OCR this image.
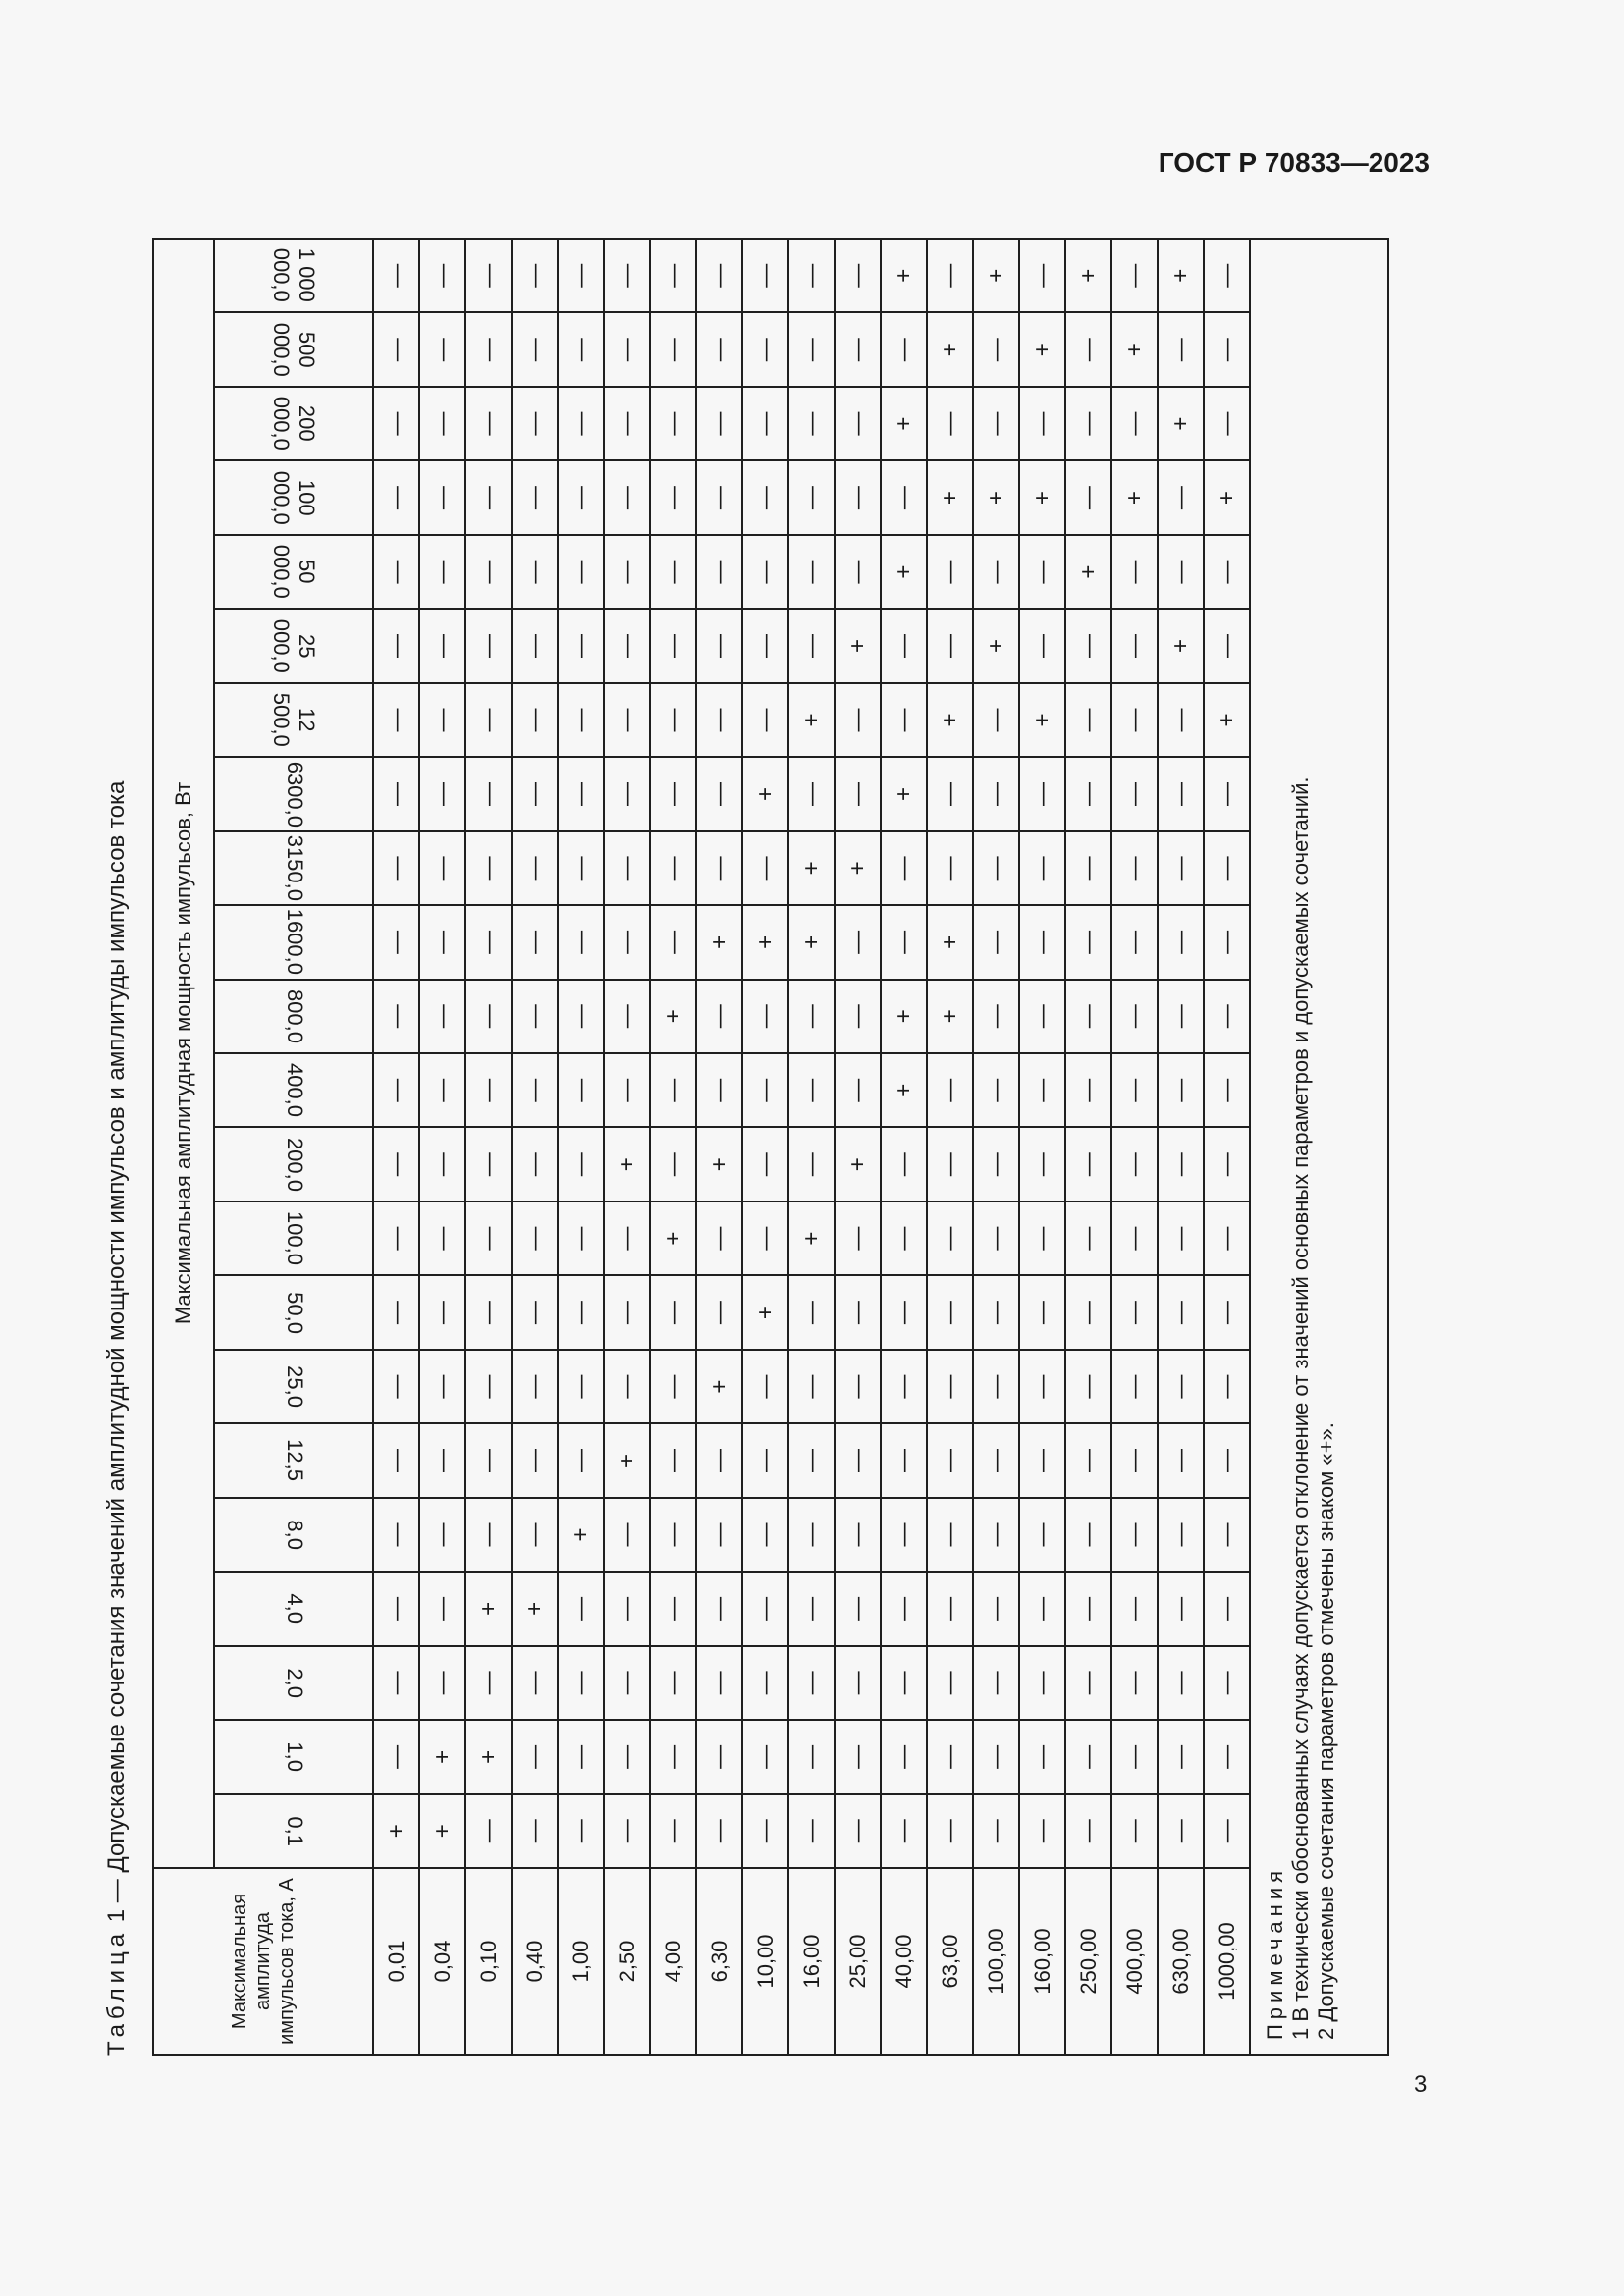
ГОСТ Р 70833—2023
3
Таблица 1 — Допускаемые сочетания значений амплитудной мощности импульсов и амплитуды импульсов тока
Максимальная амплитуда импульсов тока, А	Максимальная амплитудная мощность импульсов, Вт																					
	0,1	1,0	2,0	4,0	8,0	12,5	25,0	50,0	100,0	200,0	400,0	800,0	1600,0	3150,0	6300,0	12 500,0	25 000,0	50 000,0	100 000,0	200 000,0	500 000,0	1 000 000,0
0,01	+	—	—	—	—	—	—	—	—	—	—	—	—	—	—	—	—	—	—	—	—	—
0,04	+	+	—	—	—	—	—	—	—	—	—	—	—	—	—	—	—	—	—	—	—	—
0,10	—	+	—	+	—	—	—	—	—	—	—	—	—	—	—	—	—	—	—	—	—	—
0,40	—	—	—	+	—	—	—	—	—	—	—	—	—	—	—	—	—	—	—	—	—	—
1,00	—	—	—	—	+	—	—	—	—	—	—	—	—	—	—	—	—	—	—	—	—	—
2,50	—	—	—	—	—	+	—	—	—	+	—	—	—	—	—	—	—	—	—	—	—	—
4,00	—	—	—	—	—	—	—	—	+	—	—	+	—	—	—	—	—	—	—	—	—	—
6,30	—	—	—	—	—	—	+	—	—	+	—	—	+	—	—	—	—	—	—	—	—	—
10,00	—	—	—	—	—	—	—	+	—	—	—	—	+	—	+	—	—	—	—	—	—	—
16,00	—	—	—	—	—	—	—	—	+	—	—	—	+	+	—	+	—	—	—	—	—	—
25,00	—	—	—	—	—	—	—	—	—	+	—	—	—	+	—	—	+	—	—	—	—	—
40,00	—	—	—	—	—	—	—	—	—	—	+	+	—	—	+	—	—	+	—	+	—	+
63,00	—	—	—	—	—	—	—	—	—	—	—	+	+	—	—	+	—	—	+	—	+	—
100,00	—	—	—	—	—	—	—	—	—	—	—	—	—	—	—	—	+	—	+	—	—	+
160,00	—	—	—	—	—	—	—	—	—	—	—	—	—	—	—	+	—	—	+	—	+	—
250,00	—	—	—	—	—	—	—	—	—	—	—	—	—	—	—	—	—	+	—	—	—	+
400,00	—	—	—	—	—	—	—	—	—	—	—	—	—	—	—	—	—	—	+	—	+	—
630,00	—	—	—	—	—	—	—	—	—	—	—	—	—	—	—	—	+	—	—	+	—	+
1000,00	—	—	—	—	—	—	—	—	—	—	—	—	—	—	—	+	—	—	+	—	—	—

Примечания 1 В технически обоснованных случаях допускается отклонение от значений основных параметров и допускаемых сочетаний. 2 Допускаемые сочетания параметров отмечены знаком «+».																						
